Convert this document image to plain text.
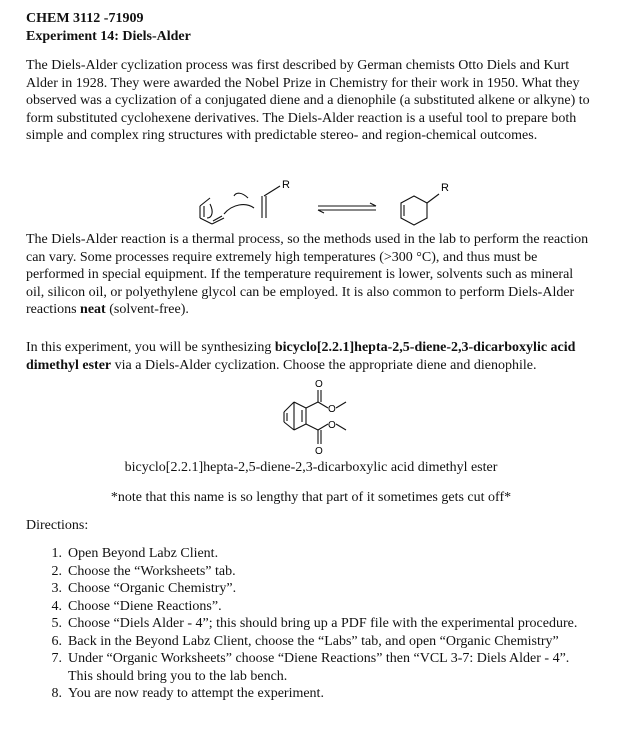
CHEM 3112 -71909
Experiment 14: Diels-Alder

The Diels-Alder cyclization process was first described by German chemists Otto Diels and Kurt Alder in 1928. They were awarded the Nobel Prize in Chemistry for their work in 1950. What they observed was a cyclization of a conjugated diene and a dienophile (a substituted alkene or alkyne) to form substituted cyclohexene derivatives. The Diels-Alder reaction is a useful tool to prepare both simple and complex ring structures with predictable stereo- and region-chemical outcomes.

R	R

The Diels-Alder reaction is a thermal process, so the methods used in the lab to perform the reaction can vary. Some processes require extremely high temperatures (>300 °C), and thus must be performed in special equipment. If the temperature requirement is lower, solvents such as mineral oil, silicon oil, or polyethylene glycol can be employed. It is also common to perform Diels-Alder reactions neat (solvent-free).

In this experiment, you will be synthesizing bicyclo[2.2.1]hepta-2,5-diene-2,3-dicarboxylic acid dimethyl ester via a Diels-Alder cyclization. Choose the appropriate diene and dienophile.

O
O
O
O
bicyclo[2.2.1]hepta-2,5-diene-2,3-dicarboxylic acid dimethyl ester
*note that this name is so lengthy that part of it sometimes gets cut off*
Directions:
1. Open Beyond Labz Client.
2. Choose the “Worksheets” tab.
3. Choose “Organic Chemistry”.
4. Choose “Diene Reactions”.
5. Choose “Diels Alder - 4”; this should bring up a PDF file with the experimental procedure.
6. Back in the Beyond Labz Client, choose the “Labs” tab, and open “Organic Chemistry”
7. Under “Organic Worksheets” choose “Diene Reactions” then “VCL 3-7: Diels Alder - 4”. This should bring you to the lab bench.
8. You are now ready to attempt the experiment.
